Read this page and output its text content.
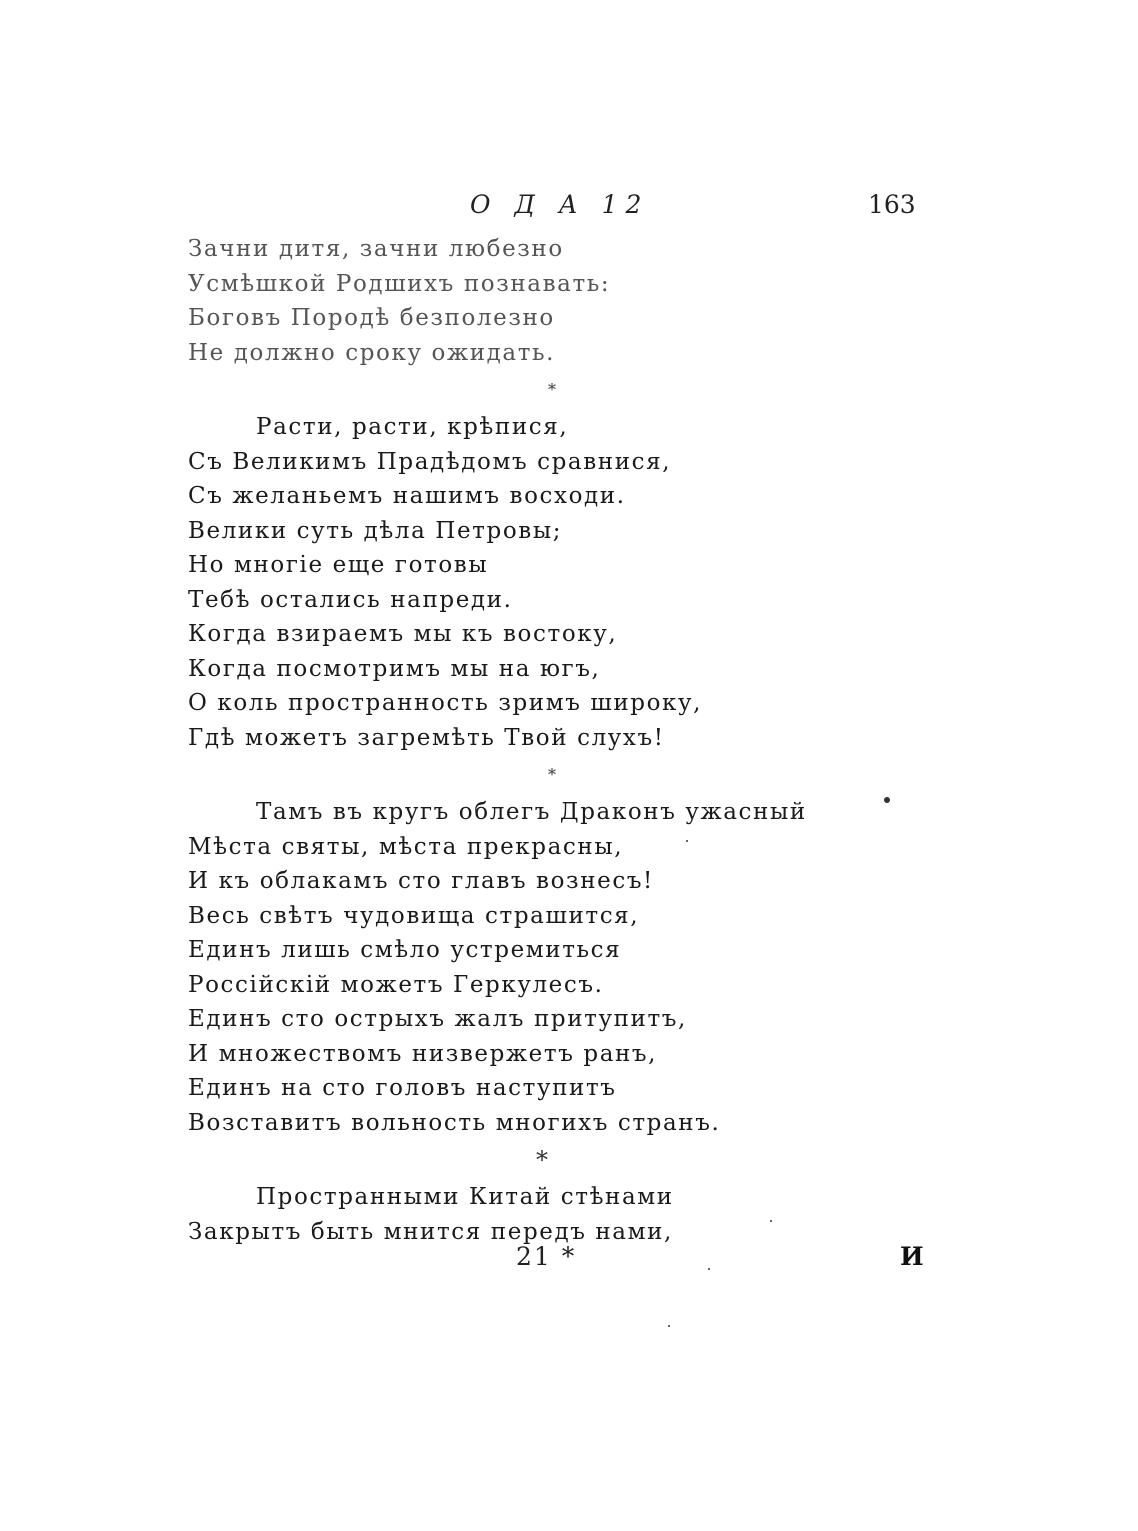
О Д А 12	163
Зачни дитя, зачни любезно
Усмѣшкой Родшихъ познавать:
Боговъ Породѣ безполезно
Не должно сроку ожидать.
*
Расти, расти, крѣпися,
Съ Великимъ Прадѣдомъ сравнися,
Съ желаньемъ нашимъ восходи.
Велики суть дѣла Петровы;
Но многіе еще готовы
Тебѣ остались напреди.
Когда взираемъ мы къ востоку,
Когда посмотримъ мы на югъ,
О коль пространность зримъ широку,
Гдѣ можетъ загремѣть Твой слухъ!
*
Тамъ въ кругъ облегъ Драконъ ужасный
Мѣста святы, мѣста прекрасны,
И къ облакамъ сто главъ вознесъ!
Весь свѣтъ чудовища страшится,
Единъ лишь смѣло устремиться
Россійскій можетъ Геркулесъ.
Единъ сто острыхъ жалъ притупитъ,
И множествомъ низвержетъ ранъ,
Единъ на сто головъ наступитъ
Возставитъ вольность многихъ странъ.
*
Пространными Китай стѣнами
Закрытъ быть мнится передъ нами,
21 *	И
